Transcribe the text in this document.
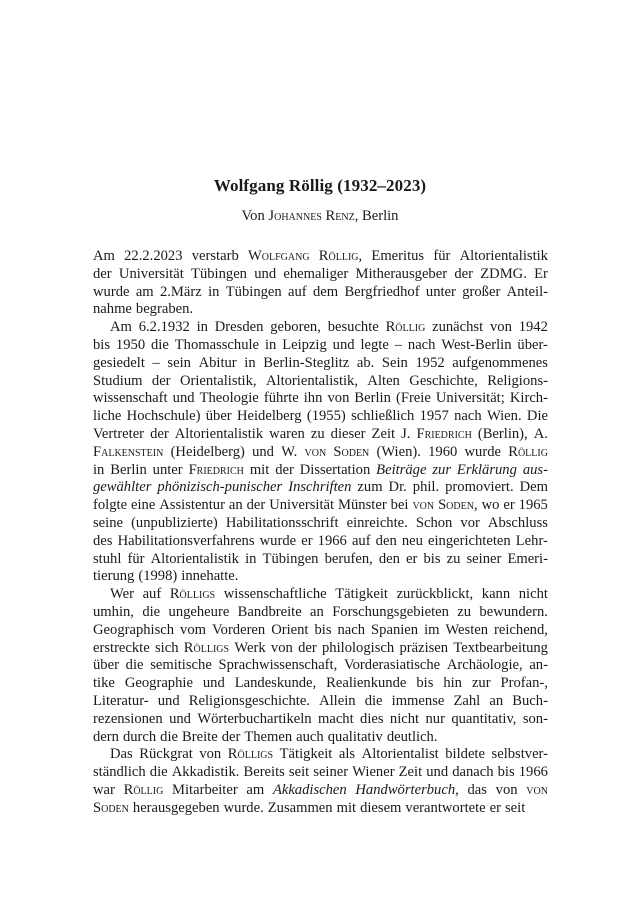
Wolfgang Röllig (1932–2023)

Von Johannes Renz, Berlin

Am 22.2.2023 verstarb Wolfgang Röllig, Emeritus für Altorientalistik
der Universität Tübingen und ehemaliger Mitherausgeber der ZDMG. Er
wurde am 2.März in Tübingen auf dem Bergfriedhof unter großer Anteil-
nahme begraben.
Am 6.2.1932 in Dresden geboren, besuchte Röllig zunächst von 1942
bis 1950 die Thomasschule in Leipzig und legte – nach West-Berlin über-
gesiedelt – sein Abitur in Berlin-Steglitz ab. Sein 1952 aufgenommenes
Studium der Orientalistik, Altorientalistik, Alten Geschichte, Religions-
wissenschaft und Theologie führte ihn von Berlin (Freie Universität; Kirch-
liche Hochschule) über Heidelberg (1955) schließlich 1957 nach Wien. Die
Vertreter der Altorientalistik waren zu dieser Zeit J. Friedrich (Berlin), A.
Falkenstein (Heidelberg) und W. von Soden (Wien). 1960 wurde Röllig
in Berlin unter Friedrich mit der Dissertation Beiträge zur Erklärung aus-
gewählter phönizisch-punischer Inschriften zum Dr. phil. promoviert. Dem
folgte eine Assistentur an der Universität Münster bei von Soden, wo er 1965
seine (unpublizierte) Habilitationsschrift einreichte. Schon vor Abschluss
des Habilitationsverfahrens wurde er 1966 auf den neu eingerichteten Lehr-
stuhl für Altorientalistik in Tübingen berufen, den er bis zu seiner Emeri-
tierung (1998) innehatte.
Wer auf Rölligs wissenschaftliche Tätigkeit zurückblickt, kann nicht
umhin, die ungeheure Bandbreite an Forschungsgebieten zu bewundern.
Geographisch vom Vorderen Orient bis nach Spanien im Westen reichend,
erstreckte sich Rölligs Werk von der philologisch präzisen Textbearbeitung
über die semitische Sprachwissenschaft, Vorderasiatische Archäologie, an-
tike Geographie und Landeskunde, Realienkunde bis hin zur Profan-,
Literatur- und Religionsgeschichte. Allein die immense Zahl an Buch-
rezensionen und Wörterbuchartikeln macht dies nicht nur quantitativ, son-
dern durch die Breite der Themen auch qualitativ deutlich.
Das Rückgrat von Rölligs Tätigkeit als Altorientalist bildete selbstver-
ständlich die Akkadistik. Bereits seit seiner Wiener Zeit und danach bis 1966
war Röllig Mitarbeiter am Akkadischen Handwörterbuch, das von von
Soden herausgegeben wurde. Zusammen mit diesem verantwortete er seit
